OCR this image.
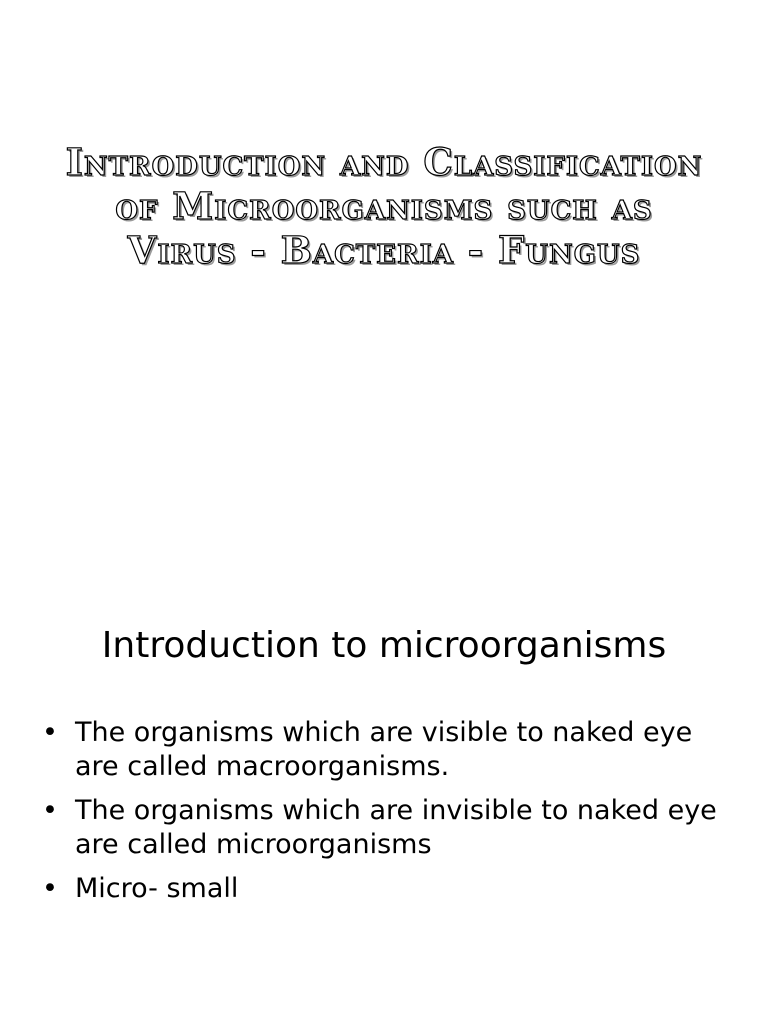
Introduction and Classification of Microorganisms such as Virus - Bacteria - Fungus
Introduction to microorganisms
• The organisms which are visible to naked eye are called macroorganisms.
• The organisms which are invisible to naked eye are called microorganisms
• Micro- small
